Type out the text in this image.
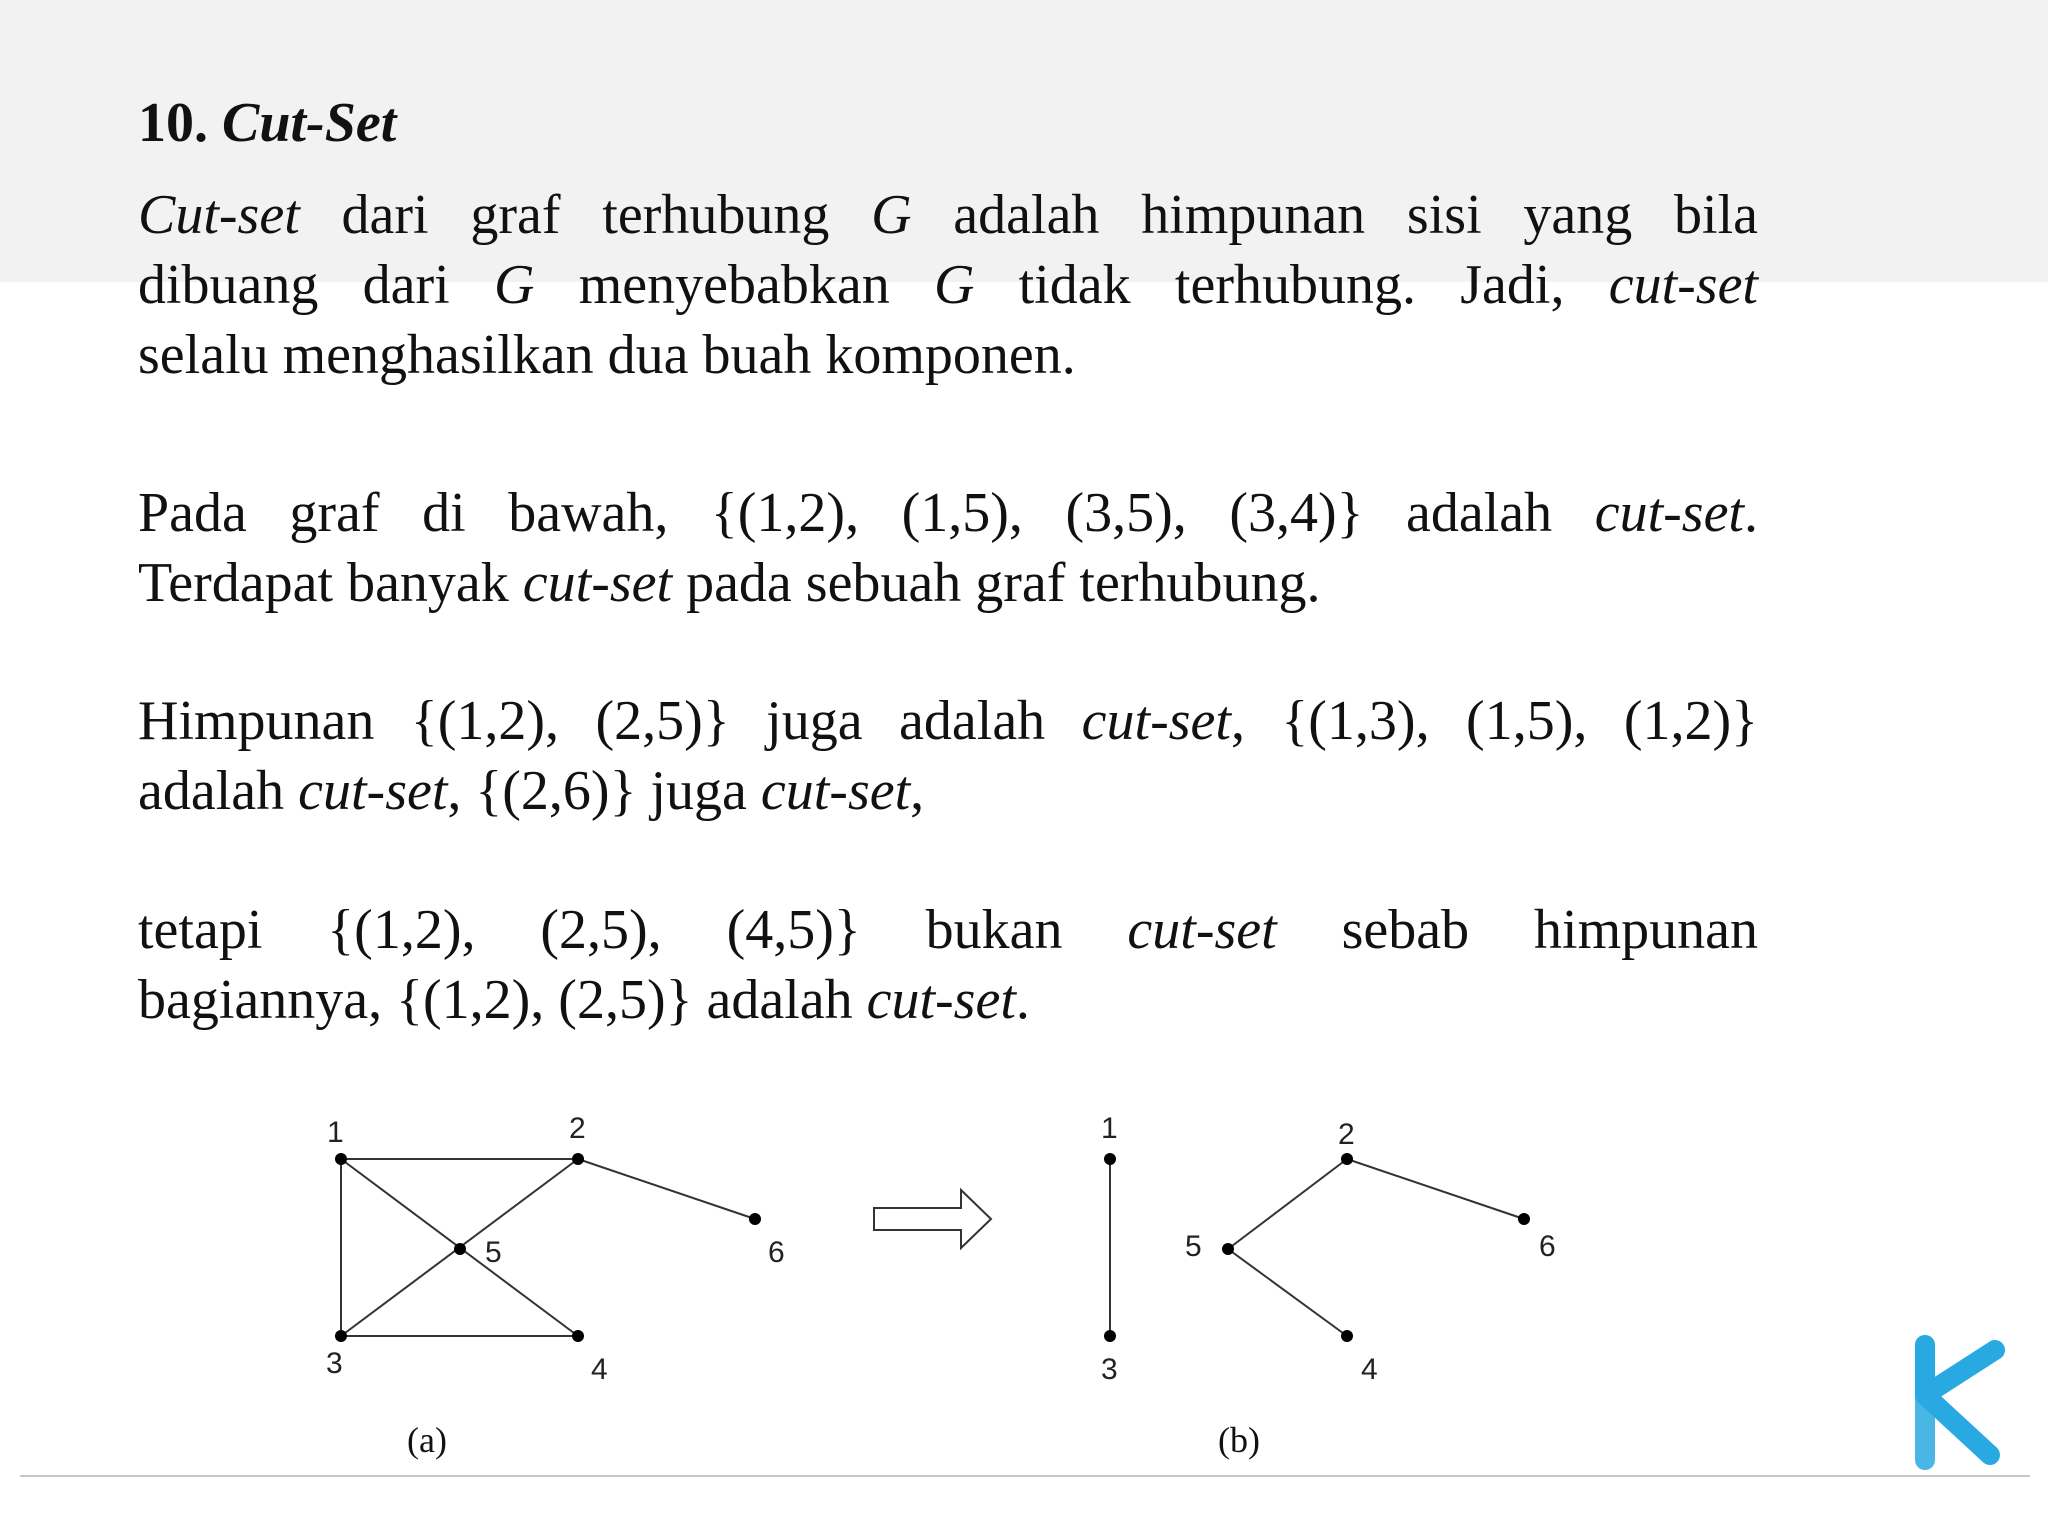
10. Cut-Set
Cut-set dari graf terhubung G adalah himpunan sisi yang bila
dibuang dari G menyebabkan G tidak terhubung. Jadi, cut-set
selalu menghasilkan dua buah komponen.
Pada graf di bawah, {(1,2), (1,5), (3,5), (3,4)} adalah cut-set.
Terdapat banyak cut-set pada sebuah graf terhubung.
Himpunan {(1,2), (2,5)} juga adalah cut-set, {(1,3), (1,5), (1,2)}
adalah cut-set, {(2,6)} juga cut-set,
tetapi {(1,2), (2,5), (4,5)} bukan cut-set sebab himpunan
bagiannya, {(1,2), (2,5)} adalah cut-set.
1	2
3	4
5	6
(a)
1	2
3	4
5	6
(b)
